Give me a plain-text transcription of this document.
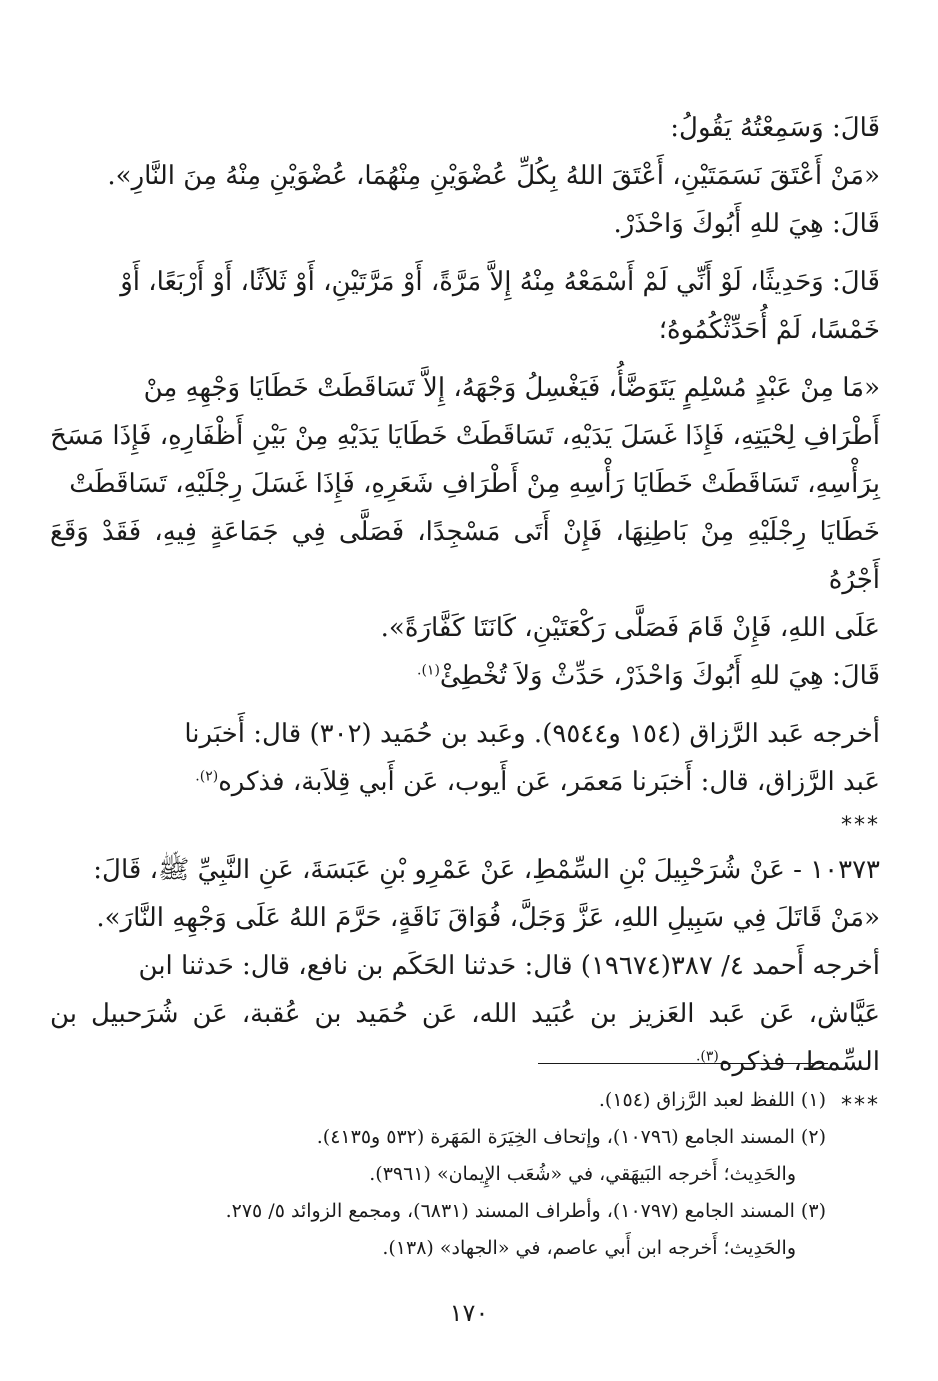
قَالَ: وَسَمِعْتُهُ يَقُولُ:

«مَنْ أَعْتَقَ نَسَمَتَيْنِ، أَعْتَقَ اللهُ بِكُلِّ عُضْوَيْنِ مِنْهُمَا، عُضْوَيْنِ مِنْهُ مِنَ النَّارِ».

قَالَ: هِيَ للهِ أَبُوكَ وَاحْذَرْ.

قَالَ: وَحَدِيثًا، لَوْ أَنِّي لَمْ أَسْمَعْهُ مِنْهُ إِلاَّ مَرَّةً، أَوْ مَرَّتَيْنِ، أَوْ ثَلاَثًا، أَوْ أَرْبَعًا، أَوْ

خَمْسًا، لَمْ أُحَدِّثْكُمُوهُ؛

«مَا مِنْ عَبْدٍ مُسْلِمٍ يَتَوَضَّأُ، فَيَغْسِلُ وَجْهَهُ، إِلاَّ تَسَاقَطَتْ خَطَايَا وَجْهِهِ مِنْ

أَطْرَافِ لِحْيَتِهِ، فَإِذَا غَسَلَ يَدَيْهِ، تَسَاقَطَتْ خَطَايَا يَدَيْهِ مِنْ بَيْنِ أَظْفَارِهِ، فَإِذَا مَسَحَ

بِرَأْسِهِ، تَسَاقَطَتْ خَطَايَا رَأْسِهِ مِنْ أَطْرَافِ شَعَرِهِ، فَإِذَا غَسَلَ رِجْلَيْهِ، تَسَاقَطَتْ

خَطَايَا رِجْلَيْهِ مِنْ بَاطِنِهَا، فَإِنْ أَتَى مَسْجِدًا، فَصَلَّى فِي جَمَاعَةٍ فِيهِ، فَقَدْ وَقَعَ أَجْرُهُ

عَلَى اللهِ، فَإِنْ قَامَ فَصَلَّى رَكْعَتَيْنِ، كَانَتَا كَفَّارَةً».

قَالَ: هِيَ للهِ أَبُوكَ وَاحْذَرْ، حَدِّثْ وَلاَ تُخْطِئْ$^{(١).}$

أخرجه عَبد الرَّزاق (١٥٤ و٩٥٤٤). وعَبد بن حُمَيد (٣٠٢) قال: أَخبَرنا

عَبد الرَّزاق، قال: أَخبَرنا مَعمَر، عَن أَيوب، عَن أَبي قِلاَبة، فذكره$^{(٢).}$

***

١٠٣٧٣ - عَنْ شُرَحْبِيلَ بْنِ السِّمْطِ، عَنْ عَمْرِو بْنِ عَبَسَةَ، عَنِ النَّبِيِّ ﷺ، قَالَ:

«مَنْ قَاتَلَ فِي سَبِيلِ اللهِ، عَزَّ وَجَلَّ، فُوَاقَ نَاقَةٍ، حَرَّمَ اللهُ عَلَى وَجْهِهِ النَّارَ».

أخرجه أَحمد ٤/ ٣٨٧(١٩٦٧٤) قال: حَدثنا الحَكَم بن نافع، قال: حَدثنا ابن

عَيَّاش، عَن عَبد العَزيز بن عُبَيد الله، عَن حُمَيد بن عُقبة، عَن شُرَحبيل بن السِّمط، فذكره$^{(٣).}$

***

(١) اللفظ لعبد الرَّزاق (١٥٤).

(٢) المسند الجامع (١٠٧٩٦)، وإتحاف الخِيَرَة المَهَرة (٥٣٢ و٤١٣٥).

والحَدِيث؛ أَخرجه البَيهَقي، في «شُعَب الإِيمان» (٣٩٦١).

(٣) المسند الجامع (١٠٧٩٧)، وأطراف المسند (٦٨٣١)، ومجمع الزوائد ٥/ ٢٧٥.

والحَدِيث؛ أَخرجه ابن أَبي عاصم، في «الجهاد» (١٣٨).

١٧٠
